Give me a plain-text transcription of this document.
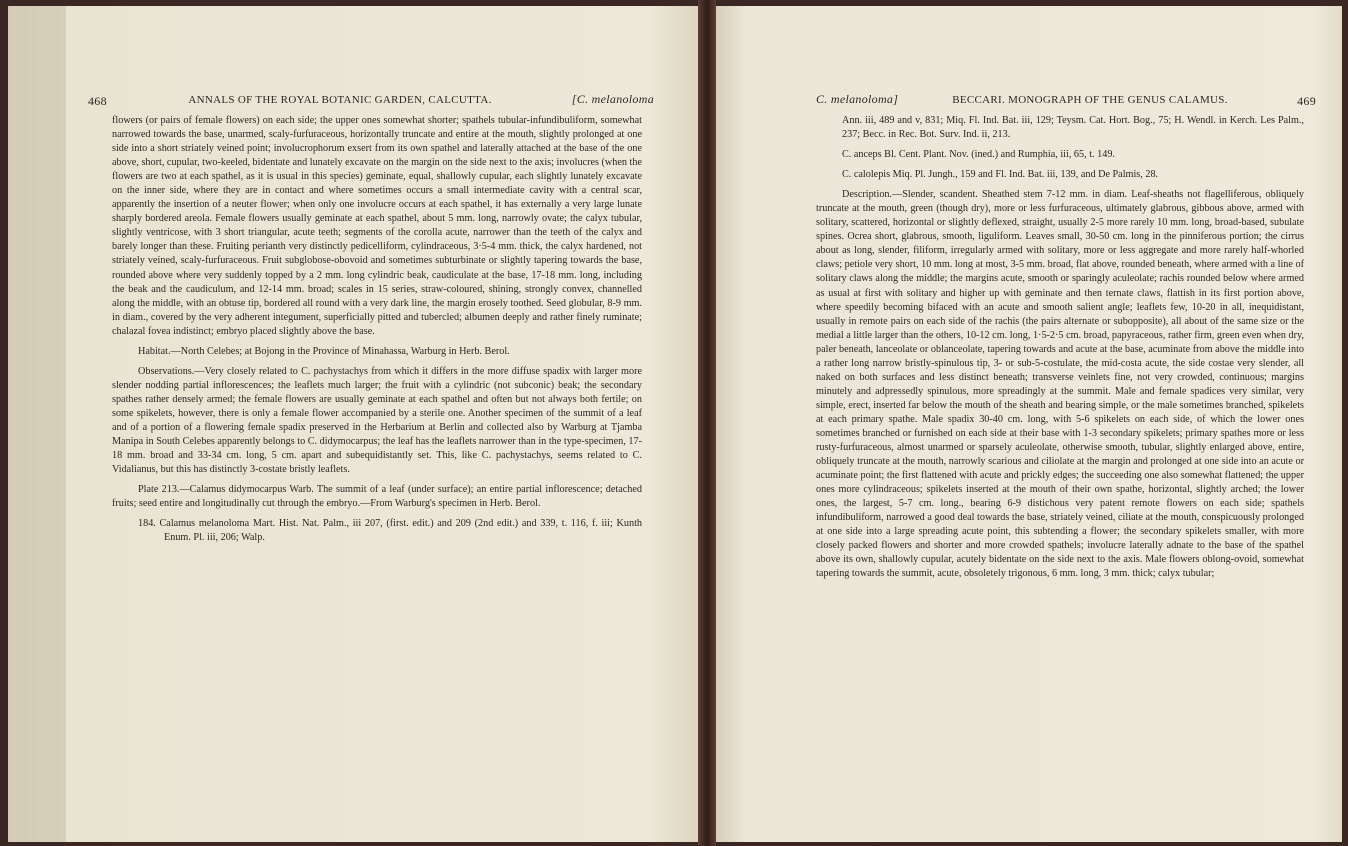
468	ANNALS OF THE ROYAL BOTANIC GARDEN, CALCUTTA.	[C. melanoloma

flowers (or pairs of female flowers) on each side; the upper ones somewhat shorter; spathels tubular-infundibuliform, somewhat narrowed towards the base, unarmed, scaly-furfuraceous, horizontally truncate and entire at the mouth, slightly prolonged at one side into a short striately veined point; involucrophorum exsert from its own spathel and laterally attached at the base of the one above, short, cupular, two-keeled, bidentate and lunately excavate on the margin on the side next to the axis; involucres (when the flowers are two at each spathel, as it is usual in this species) geminate, equal, shallowly cupular, each slightly lunately excavate on the inner side, where they are in contact and where sometimes occurs a small intermediate cavity with a central scar, apparently the insertion of a neuter flower; when only one involucre occurs at each spathel, it has externally a very large lunate sharply bordered areola. Female flowers usually geminate at each spathel, about 5 mm. long, narrowly ovate; the calyx tubular, slightly ventricose, with 3 short triangular, acute teeth; segments of the corolla acute, narrower than the teeth of the calyx and barely longer than these. Fruiting perianth very distinctly pedicelliform, cylindraceous, 3·5-4 mm. thick, the calyx hardened, not striately veined, scaly-furfuraceous. Fruit subglobose-obovoid and sometimes subturbinate or slightly tapering towards the base, rounded above where very suddenly topped by a 2 mm. long cylindric beak, caudiculate at the base, 17-18 mm. long, including the beak and the caudiculum, and 12-14 mm. broad; scales in 15 series, straw-coloured, shining, strongly convex, channelled along the middle, with an obtuse tip, bordered all round with a very dark line, the margin erosely toothed. Seed globular, 8-9 mm. in diam., covered by the very adherent integument, superficially pitted and tubercled; albumen deeply and rather finely ruminate; chalazal fovea indistinct; embryo placed slightly above the base.

Habitat.—North Celebes; at Bojong in the Province of Minahassa, Warburg in Herb. Berol.

Observations.—Very closely related to C. pachystachys from which it differs in the more diffuse spadix with larger more slender nodding partial inflorescences; the leaflets much larger; the fruit with a cylindric (not subconic) beak; the secondary spathes rather densely armed; the female flowers are usually geminate at each spathel and often but not always both fertile; on some spikelets, however, there is only a female flower accompanied by a sterile one. Another specimen of the summit of a leaf and of a portion of a flowering female spadix preserved in the Herbarium at Berlin and collected also by Warburg at Tjamba Manipa in South Celebes apparently belongs to C. didymocarpus; the leaf has the leaflets narrower than in the type-specimen, 17-18 mm. broad and 33-34 cm. long, 5 cm. apart and subequidistantly set. This, like C. pachystachys, seems related to C. Vidalianus, but this has distinctly 3-costate bristly leaflets.

Plate 213.—Calamus didymocarpus Warb. The summit of a leaf (under surface); an entire partial inflorescence; detached fruits; seed entire and longitudinally cut through the embryo.—From Warburg's specimen in Herb. Berol.

184. Calamus melanoloma Mart. Hist. Nat. Palm., iii 207, (first. edit.) and 209 (2nd edit.) and 339, t. 116, f. iii; Kunth Enum. Pl. iii, 206; Walp.

C. melanoloma]	BECCARI. MONOGRAPH OF THE GENUS CALAMUS.	469

Ann. iii, 489 and v, 831; Miq. Fl. Ind. Bat. iii, 129; Teysm. Cat. Hort. Bog., 75; H. Wendl. in Kerch. Les Palm., 237; Becc. in Rec. Bot. Surv. Ind. ii, 213.

C. anceps Bl. Cent. Plant. Nov. (ined.) and Rumphia, iii, 65, t. 149.

C. calolepis Miq. Pl. Jungh., 159 and Fl. Ind. Bat. iii, 139, and De Palmis, 28.

Description.—Slender, scandent. Sheathed stem 7-12 mm. in diam. Leaf-sheaths not flagelliferous, obliquely truncate at the mouth, green (though dry), more or less furfuraceous, ultimately glabrous, gibbous above, armed with solitary, scattered, horizontal or slightly deflexed, straight, usually 2-5 more rarely 10 mm. long, broad-based, subulate spines. Ocrea short, glabrous, smooth, liguliform. Leaves small, 30-50 cm. long in the pinniferous portion; the cirrus about as long, slender, filiform, irregularly armed with solitary, more or less aggregate and more rarely half-whorled claws; petiole very short, 10 mm. long at most, 3-5 mm. broad, flat above, rounded beneath, where armed with a line of solitary claws along the middle; the margins acute, smooth or sparingly aculeolate; rachis rounded below where armed as usual at first with solitary and higher up with geminate and then ternate claws, flattish in its first portion above, where speedily becoming bifaced with an acute and smooth salient angle; leaflets few, 10-20 in all, inequidistant, usually in remote pairs on each side of the rachis (the pairs alternate or subopposite), all about of the same size or the medial a little larger than the others, 10-12 cm. long, 1·5-2·5 cm. broad, papyraceous, rather firm, green even when dry, paler beneath, lanceolate or oblanceolate, tapering towards and acute at the base, acuminate from above the middle into a rather long narrow bristly-spinulous tip, 3- or sub-5-costulate, the mid-costa acute, the side costae very slender, all naked on both surfaces and less distinct beneath; transverse veinlets fine, not very crowded, continuous; margins minutely and adpressedly spinulous, more spreadingly at the summit. Male and female spadices very similar, very simple, erect, inserted far below the mouth of the sheath and bearing simple, or the male sometimes branched, spikelets at each primary spathe. Male spadix 30-40 cm. long, with 5-6 spikelets on each side, of which the lower ones sometimes branched or furnished on each side at their base with 1-3 secondary spikelets; primary spathes more or less rusty-furfuraceous, almost unarmed or sparsely aculeolate, otherwise smooth, tubular, slightly enlarged above, entire, obliquely truncate at the mouth, narrowly scarious and ciliolate at the margin and prolonged at one side into an acute or acuminate point; the first flattened with acute and prickly edges; the succeeding one also somewhat flattened; the upper ones more cylindraceous; spikelets inserted at the mouth of their own spathe, horizontal, slightly arched; the lower ones, the largest, 5-7 cm. long., bearing 6-9 distichous very patent remote flowers on each side; spathels infundibuliform, narrowed a good deal towards the base, striately veined, ciliate at the mouth, conspicuously prolonged at one side into a large spreading acute point, this subtending a flower; the secondary spikelets smaller, with more closely packed flowers and shorter and more crowded spathels; involucre laterally adnate to the base of the spathel above its own, shallowly cupular, acutely bidentate on the side next to the axis. Male flowers oblong-ovoid, somewhat tapering towards the summit, acute, obsoletely trigonous, 6 mm. long, 3 mm. thick; calyx tubular;
